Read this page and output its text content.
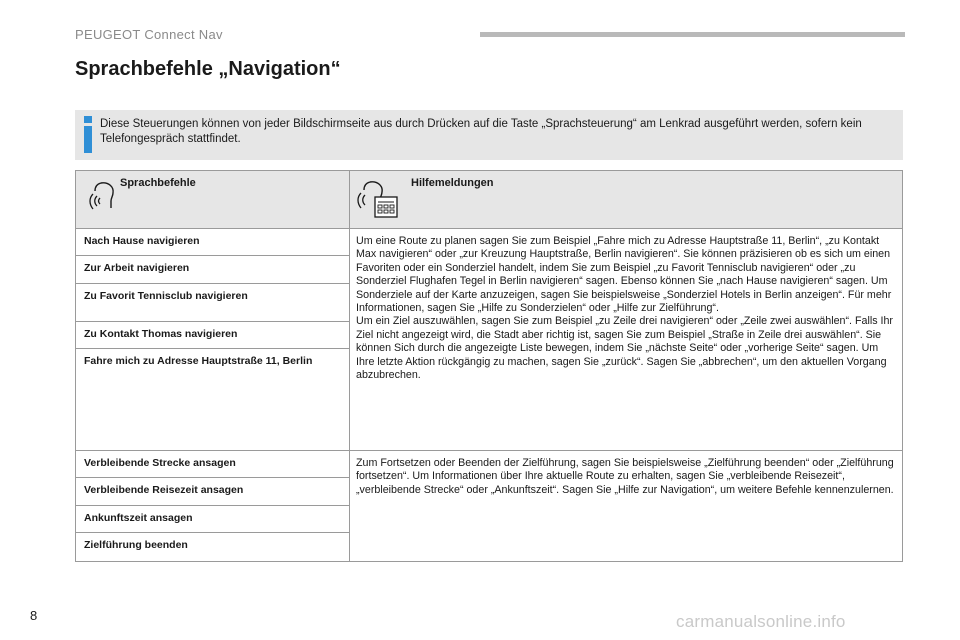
PEUGEOT Connect Nav
Sprachbefehle „Navigation“
Diese Steuerungen können von jeder Bildschirmseite aus durch Drücken auf die Taste „Sprachsteuerung“ am Lenkrad ausgeführt werden, sofern kein Telefongespräch stattfindet.
Sprachbefehle	Hilfemeldungen
Nach Hause navigieren
Zur Arbeit navigieren
Zu Favorit Tennisclub navigieren
Zu Kontakt Thomas navigieren
Fahre mich zu Adresse Hauptstraße 11, Berlin
Um eine Route zu planen sagen Sie zum Beispiel „Fahre mich zu Adresse Hauptstraße 11, Berlin“, „zu Kontakt Max navigieren“ oder „zur Kreuzung Hauptstraße, Berlin navigieren“. Sie können präzisieren ob es sich um einen Favoriten oder ein Sonderziel handelt, indem Sie zum Beispiel „zu Favorit Tennisclub navigieren“ oder „zu Sonderziel Flughafen Tegel in Berlin navigieren“ sagen. Ebenso können Sie „nach Hause navigieren“ sagen. Um Sonderziele auf der Karte anzuzeigen, sagen Sie beispielsweise „Sonderziel Hotels in Berlin anzeigen“. Für mehr Informationen, sagen Sie „Hilfe zu Sonderzielen“ oder „Hilfe zur Zielführung“.
Um ein Ziel auszuwählen, sagen Sie zum Beispiel „zu Zeile drei navigieren“ oder „Zeile zwei auswählen“. Falls Ihr Ziel nicht angezeigt wird, die Stadt aber richtig ist, sagen Sie zum Beispiel „Straße in Zeile drei auswählen“. Sie können Sich durch die angezeigte Liste bewegen, indem Sie „nächste Seite“ oder „vorherige Seite“ sagen. Um Ihre letzte Aktion rückgängig zu machen, sagen Sie „zurück“. Sagen Sie „abbrechen“, um den aktuellen Vorgang abzubrechen.
Verbleibende Strecke ansagen
Verbleibende Reisezeit ansagen
Ankunftszeit ansagen
Zielführung beenden
Zum Fortsetzen oder Beenden der Zielführung, sagen Sie beispielsweise „Zielführung beenden“ oder „Zielführung fortsetzen“. Um Informationen über Ihre aktuelle Route zu erhalten, sagen Sie „verbleibende Reisezeit“, „verbleibende Strecke“ oder „Ankunftszeit“. Sagen Sie „Hilfe zur Navigation“, um weitere Befehle kennenzulernen.
8	carmanualsonline.info
